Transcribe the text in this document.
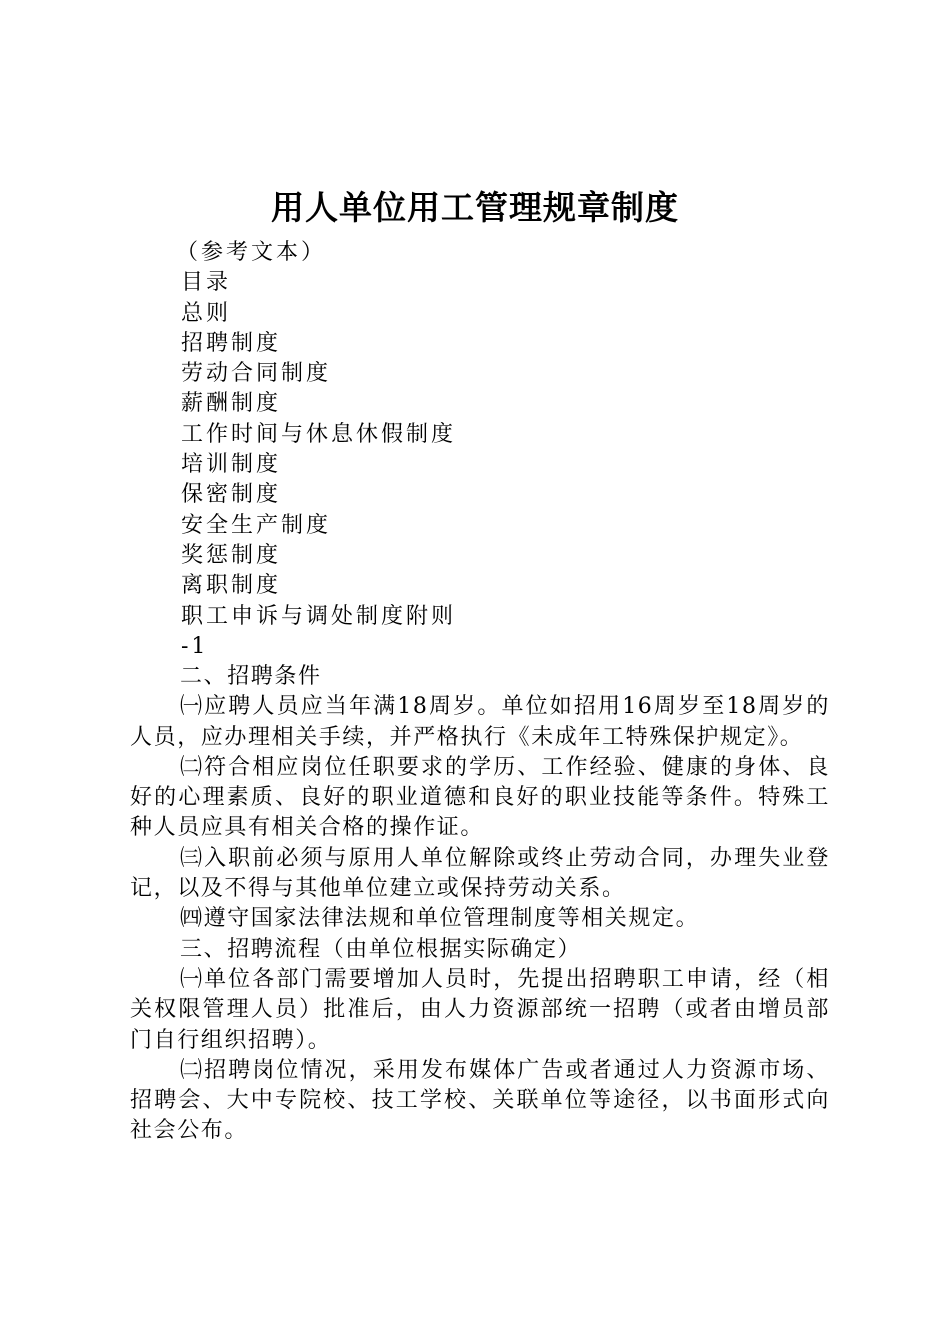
用人单位用工管理规章制度
（参考文本）
目录
总则
招聘制度
劳动合同制度
薪酬制度
工作时间与休息休假制度
培训制度
保密制度
安全生产制度
奖惩制度
离职制度
职工申诉与调处制度附则
-1

二、招聘条件

㈠应聘人员应当年满18周岁。单位如招用16周岁至18周岁的人员，应办理相关手续，并严格执行《未成年工特殊保护规定》。

㈡符合相应岗位任职要求的学历、工作经验、健康的身体、良好的心理素质、良好的职业道德和良好的职业技能等条件。特殊工种人员应具有相关合格的操作证。

㈢入职前必须与原用人单位解除或终止劳动合同，办理失业登记，以及不得与其他单位建立或保持劳动关系。

㈣遵守国家法律法规和单位管理制度等相关规定。

三、招聘流程（由单位根据实际确定）

㈠单位各部门需要增加人员时，先提出招聘职工申请，经（相关权限管理人员）批准后，由人力资源部统一招聘（或者由增员部门自行组织招聘）。

㈡招聘岗位情况，采用发布媒体广告或者通过人力资源市场、招聘会、大中专院校、技工学校、关联单位等途径，以书面形式向社会公布。
